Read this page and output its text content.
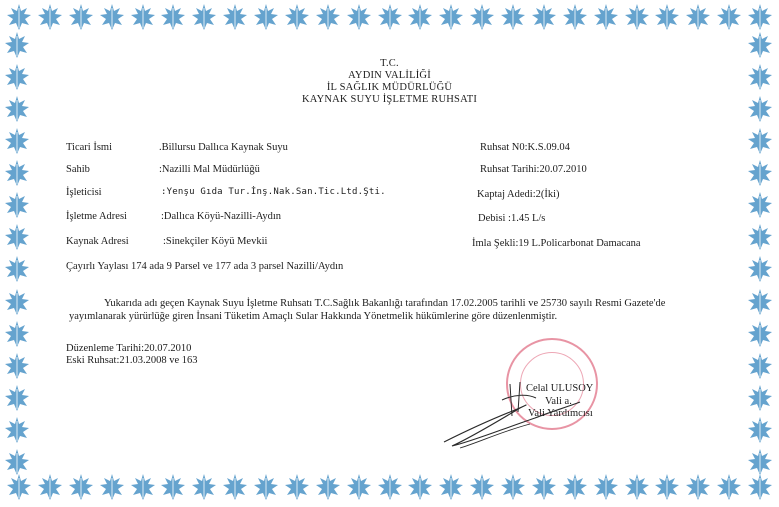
T.C.
AYDIN VALİLİĞİ
İL SAĞLIK MÜDÜRLÜĞÜ
KAYNAK SUYU İŞLETME RUHSATI
Ticari İsmi	.Billursu Dallıca Kaynak Suyu
Sahib	:Nazilli Mal Müdürlüğü
İşleticisi	:Yenşu Gıda Tur.İnş.Nak.San.Tic.Ltd.Şti.
İşletme Adresi	:Dallıca Köyü-Nazilli-Aydın
Kaynak Adresi	:Sinekçiler Köyü Mevkii
Ruhsat N0:K.S.09.04
Ruhsat Tarihi:20.07.2010
Kaptaj Adedi:2(İki)
Debisi :1.45 L/s
İmla Şekli:19 L.Policarbonat Damacana
Çayırlı Yaylası 174 ada 9 Parsel ve 177 ada 3 parsel Nazilli/Aydın
Yukarıda adı geçen Kaynak Suyu İşletme Ruhsatı T.C.Sağlık Bakanlığı tarafından 17.02.2005 tarihli ve 25730 sayılı Resmi Gazete'de yayımlanarak yürürlüğe giren İnsani Tüketim Amaçlı Sular Hakkında Yönetmelik hükümlerine göre düzenlenmiştir.
Düzenleme Tarihi:20.07.2010
Eski Ruhsat:21.03.2008 ve 163
Celal ULUSOY
Vali a.
Vali Yardımcısı
